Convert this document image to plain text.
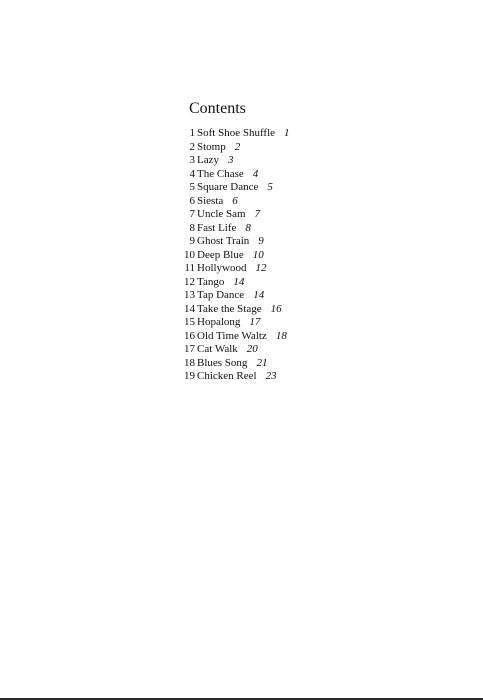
Contents
1 Soft Shoe Shuffle 1
2 Stomp 2
3 Lazy 3
4 The Chase 4
5 Square Dance 5
6 Siesta 6
7 Uncle Sam 7
8 Fast Life 8
9 Ghost Train 9
10 Deep Blue 10
11 Hollywood 12
12 Tango 14
13 Tap Dance 14
14 Take the Stage 16
15 Hopalong 17
16 Old Time Waltz 18
17 Cat Walk 20
18 Blues Song 21
19 Chicken Reel 23
